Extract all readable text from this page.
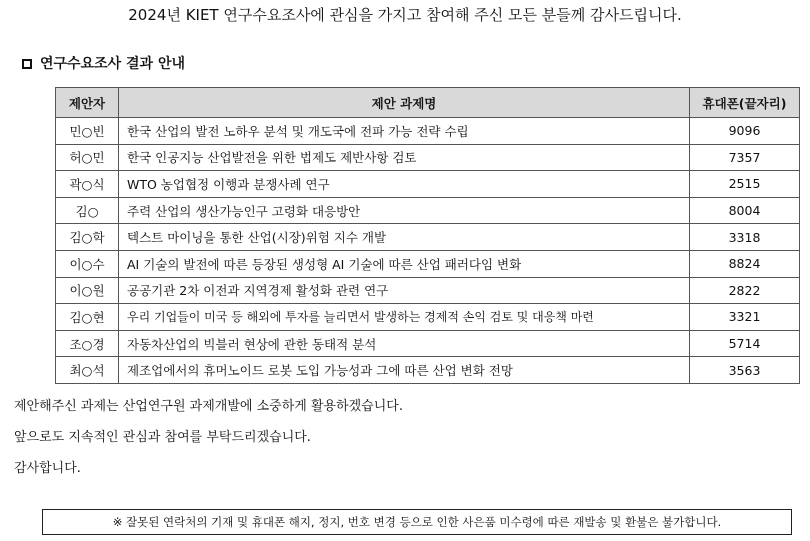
2024년 KIET 연구수요조사에 관심을 가지고 참여해 주신 모든 분들께 감사드립니다.
연구수요조사 결과 안내
제안자	제안 과제명	휴대폰(끝자리)
민○빈	한국 산업의 발전 노하우 분석 및 개도국에 전파 가능 전략 수립	9096
허○민	한국 인공지능 산업발전을 위한 법제도 제반사항 검토	7357
곽○식	WTO 농업협정 이행과 분쟁사례 연구	2515
김○	주력 산업의 생산가능인구 고령화 대응방안	8004
김○학	텍스트 마이닝을 통한 산업(시장)위험 지수 개발	3318
이○수	AI 기술의 발전에 따른 등장된 생성형 AI 기술에 따른 산업 패러다임 변화	8824
이○원	공공기관 2차 이전과 지역경제 활성화 관련 연구	2822
김○현	우리 기업들이 미국 등 해외에 투자를 늘리면서 발생하는 경제적 손익 검토 및 대응책 마련	3321
조○경	자동차산업의 빅블러 현상에 관한 동태적 분석	5714
최○석	제조업에서의 휴머노이드 로봇 도입 가능성과 그에 따른 산업 변화 전망	3563
제안해주신 과제는 산업연구원 과제개발에 소중하게 활용하겠습니다.
앞으로도 지속적인 관심과 참여를 부탁드리겠습니다.
감사합니다.
※ 잘못된 연락처의 기재 및 휴대폰 해지, 정지, 번호 변경 등으로 인한 사은품 미수령에 따른 재발송 및 환불은 불가합니다.
